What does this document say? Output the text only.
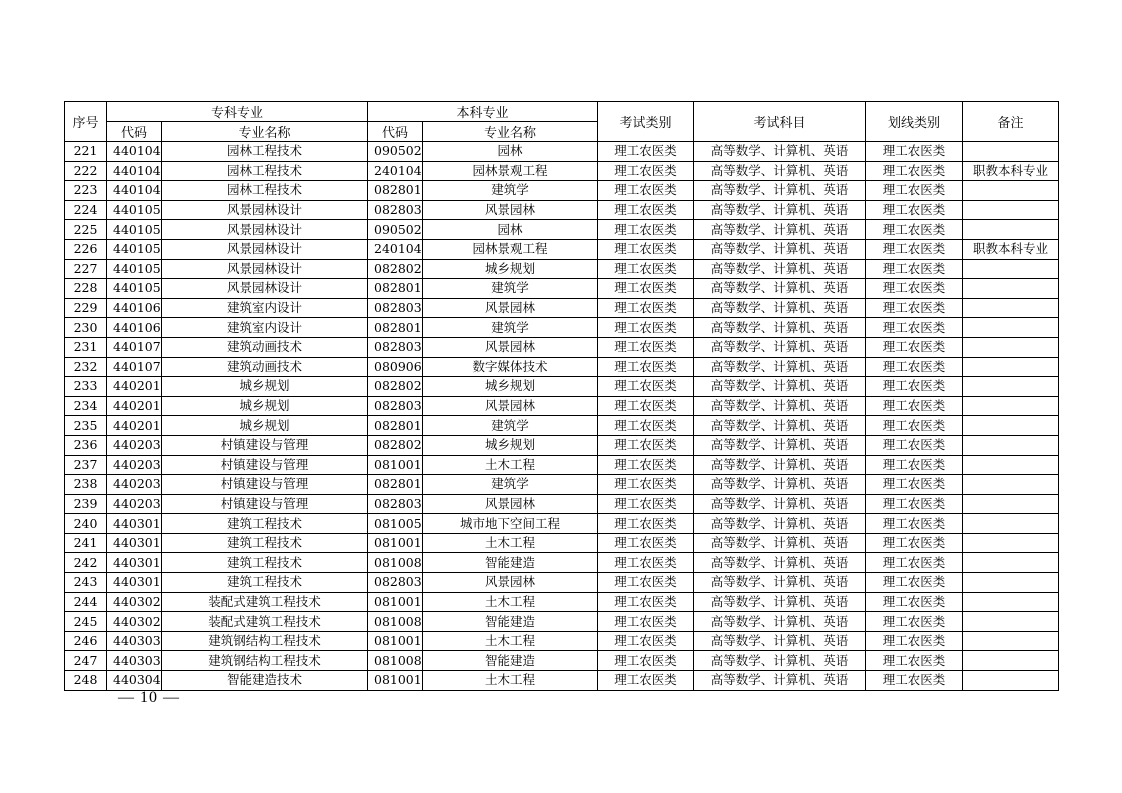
序号	专科专业		本科专业		考试类别	考试科目	划线类别	备注
	代码	专业名称	代码	专业名称				
221	440104	园林工程技术	090502	园林	理工农医类	高等数学、计算机、英语	理工农医类	
222	440104	园林工程技术	240104	园林景观工程	理工农医类	高等数学、计算机、英语	理工农医类	职教本科专业
223	440104	园林工程技术	082801	建筑学	理工农医类	高等数学、计算机、英语	理工农医类	
224	440105	风景园林设计	082803	风景园林	理工农医类	高等数学、计算机、英语	理工农医类	
225	440105	风景园林设计	090502	园林	理工农医类	高等数学、计算机、英语	理工农医类	
226	440105	风景园林设计	240104	园林景观工程	理工农医类	高等数学、计算机、英语	理工农医类	职教本科专业
227	440105	风景园林设计	082802	城乡规划	理工农医类	高等数学、计算机、英语	理工农医类	
228	440105	风景园林设计	082801	建筑学	理工农医类	高等数学、计算机、英语	理工农医类	
229	440106	建筑室内设计	082803	风景园林	理工农医类	高等数学、计算机、英语	理工农医类	
230	440106	建筑室内设计	082801	建筑学	理工农医类	高等数学、计算机、英语	理工农医类	
231	440107	建筑动画技术	082803	风景园林	理工农医类	高等数学、计算机、英语	理工农医类	
232	440107	建筑动画技术	080906	数字媒体技术	理工农医类	高等数学、计算机、英语	理工农医类	
233	440201	城乡规划	082802	城乡规划	理工农医类	高等数学、计算机、英语	理工农医类	
234	440201	城乡规划	082803	风景园林	理工农医类	高等数学、计算机、英语	理工农医类	
235	440201	城乡规划	082801	建筑学	理工农医类	高等数学、计算机、英语	理工农医类	
236	440203	村镇建设与管理	082802	城乡规划	理工农医类	高等数学、计算机、英语	理工农医类	
237	440203	村镇建设与管理	081001	土木工程	理工农医类	高等数学、计算机、英语	理工农医类	
238	440203	村镇建设与管理	082801	建筑学	理工农医类	高等数学、计算机、英语	理工农医类	
239	440203	村镇建设与管理	082803	风景园林	理工农医类	高等数学、计算机、英语	理工农医类	
240	440301	建筑工程技术	081005	城市地下空间工程	理工农医类	高等数学、计算机、英语	理工农医类	
241	440301	建筑工程技术	081001	土木工程	理工农医类	高等数学、计算机、英语	理工农医类	
242	440301	建筑工程技术	081008	智能建造	理工农医类	高等数学、计算机、英语	理工农医类	
243	440301	建筑工程技术	082803	风景园林	理工农医类	高等数学、计算机、英语	理工农医类	
244	440302	装配式建筑工程技术	081001	土木工程	理工农医类	高等数学、计算机、英语	理工农医类	
245	440302	装配式建筑工程技术	081008	智能建造	理工农医类	高等数学、计算机、英语	理工农医类	
246	440303	建筑钢结构工程技术	081001	土木工程	理工农医类	高等数学、计算机、英语	理工农医类	
247	440303	建筑钢结构工程技术	081008	智能建造	理工农医类	高等数学、计算机、英语	理工农医类	
248	440304	智能建造技术	081001	土木工程	理工农医类	高等数学、计算机、英语	理工农医类	
— 10 —
